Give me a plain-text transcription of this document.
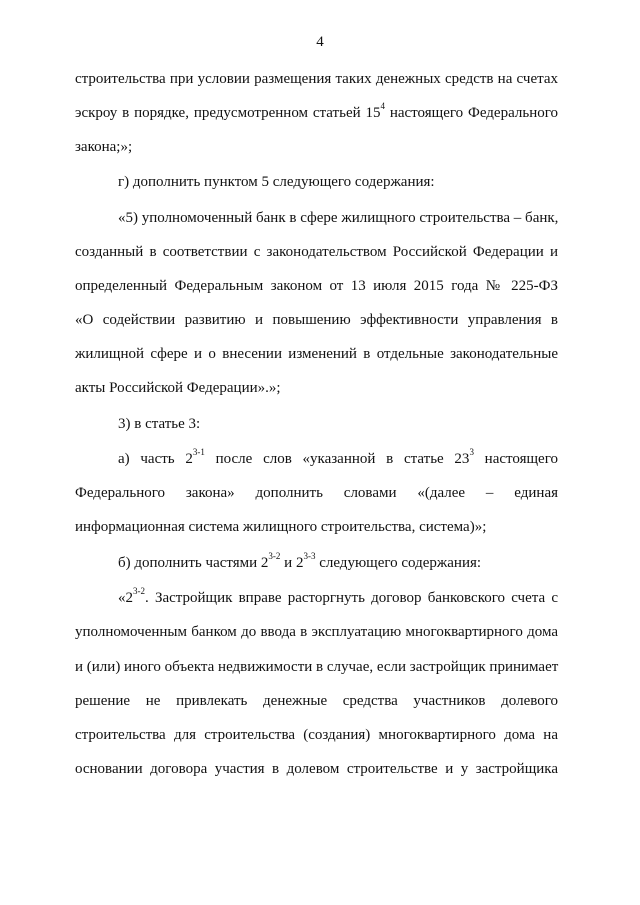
4
строительства при условии размещения таких денежных средств на счетах
эскроу в порядке, предусмотренном статьей $15^4$ настоящего Федерального
закона;»;
г) дополнить пунктом 5 следующего содержания:
«5) уполномоченный банк в сфере жилищного строительства – банк,
созданный в соответствии с законодательством Российской Федерации и
определенный Федеральным законом от 13 июля 2015 года № 225-ФЗ
«О содействии развитию и повышению эффективности управления в
жилищной сфере и о внесении изменений в отдельные законодательные
акты Российской Федерации».»;
3) в статье 3:
а) часть 2$^{3-1}$ после слов «указанной в статье $23^3$ настоящего
Федерального закона» дополнить словами «(далее – единая
информационная система жилищного строительства, система)»;
б) дополнить частями 2$^{3-2}$ и 2$^{3-3}$ следующего содержания:
«2$^{3-2}$. Застройщик вправе расторгнуть договор банковского счета с
уполномоченным банком до ввода в эксплуатацию многоквартирного дома
и (или) иного объекта недвижимости в случае, если застройщик принимает
решение не привлекать денежные средства участников долевого
строительства для строительства (создания) многоквартирного дома на
основании договора участия в долевом строительстве и у застройщика
